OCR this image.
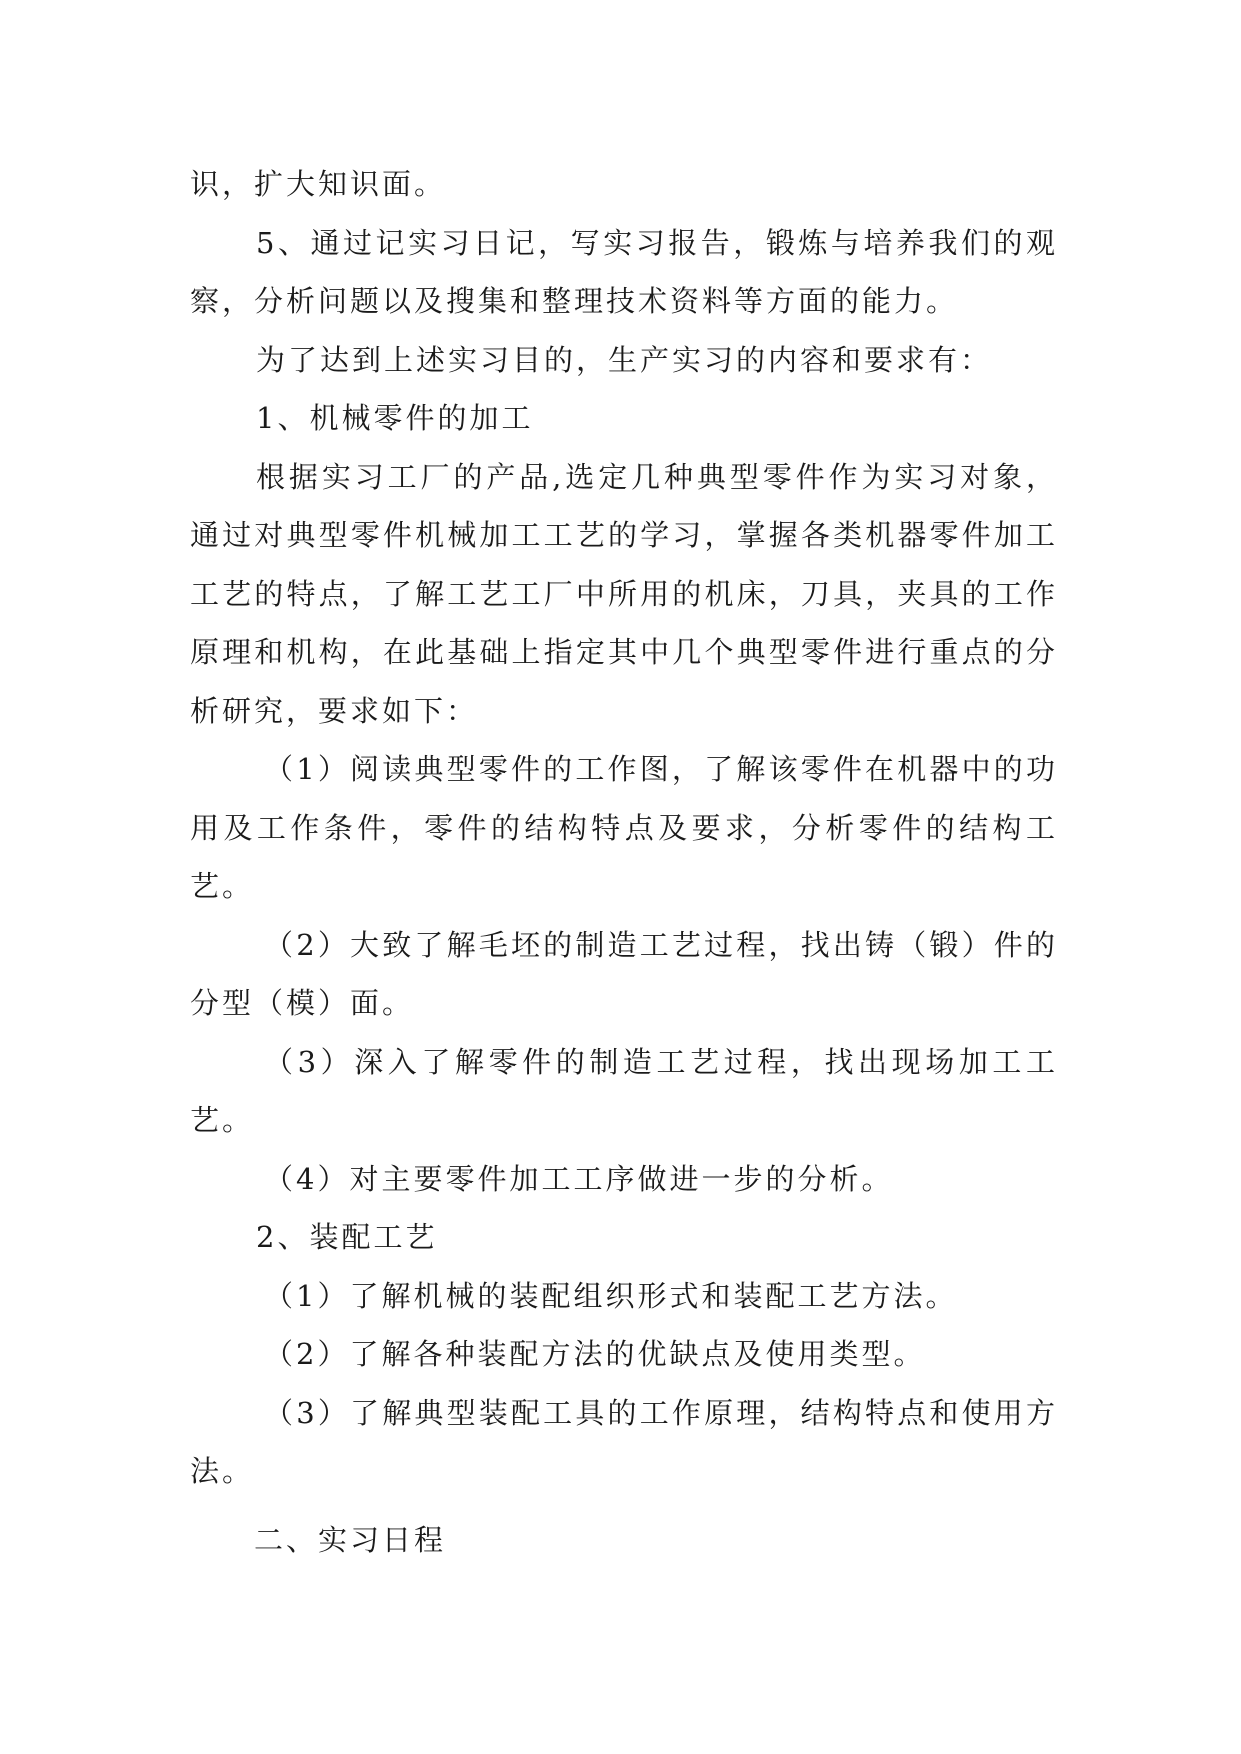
识，扩大知识面。

5、通过记实习日记，写实习报告，锻炼与培养我们的观察，分析问题以及搜集和整理技术资料等方面的能力。

为了达到上述实习目的，生产实习的内容和要求有：

1、机械零件的加工

根据实习工厂的产品,选定几种典型零件作为实习对象，通过对典型零件机械加工工艺的学习，掌握各类机器零件加工工艺的特点，了解工艺工厂中所用的机床，刀具，夹具的工作原理和机构，在此基础上指定其中几个典型零件进行重点的分析研究，要求如下：

（1）阅读典型零件的工作图，了解该零件在机器中的功用及工作条件，零件的结构特点及要求，分析零件的结构工艺。

（2）大致了解毛坯的制造工艺过程，找出铸（锻）件的分型（模）面。

（3）深入了解零件的制造工艺过程，找出现场加工工艺。

（4）对主要零件加工工序做进一步的分析。

2、装配工艺

（1）了解机械的装配组织形式和装配工艺方法。

（2）了解各种装配方法的优缺点及使用类型。

（3）了解典型装配工具的工作原理，结构特点和使用方法。

二、实习日程
